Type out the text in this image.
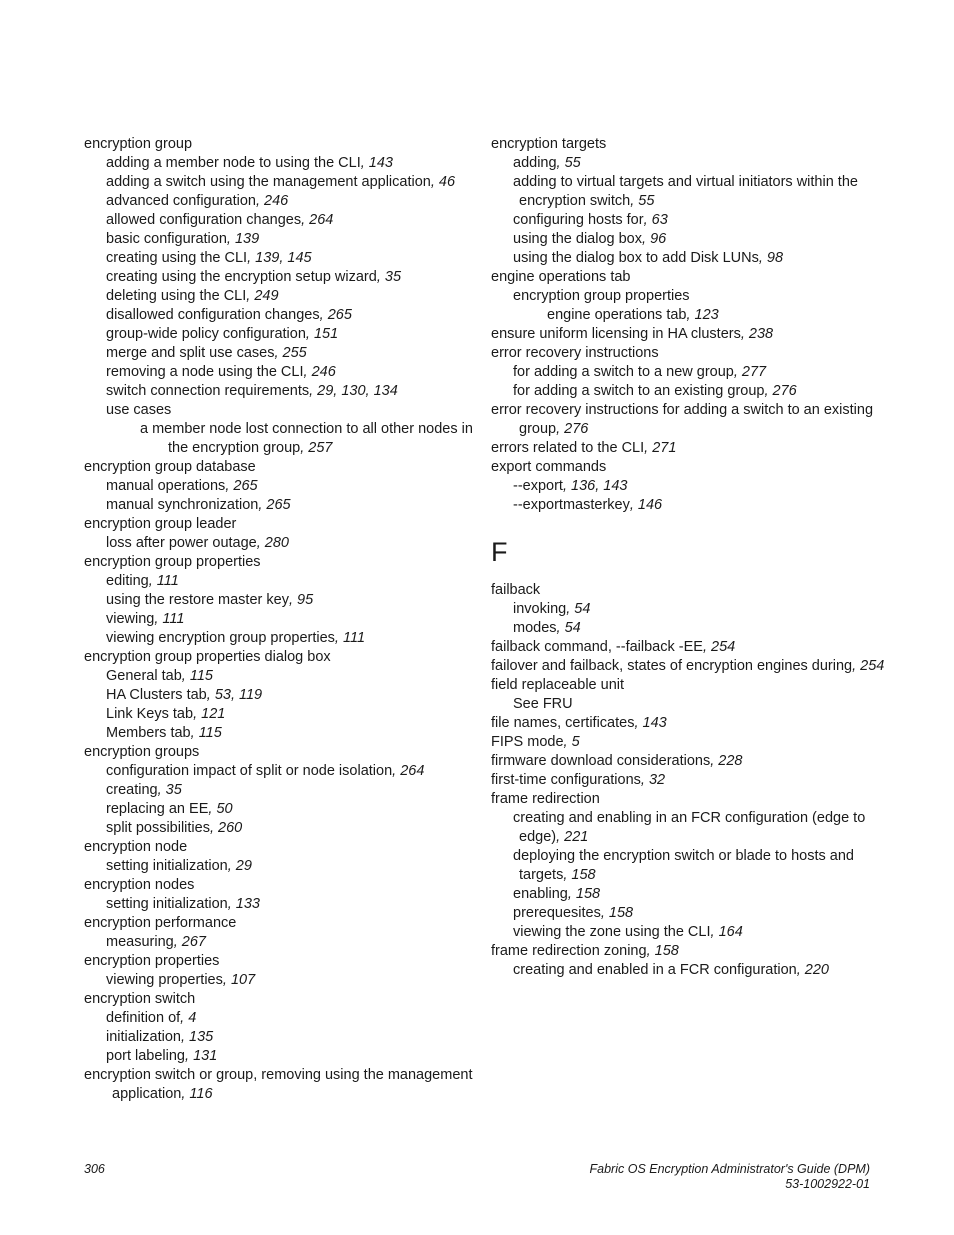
encryption group
adding a member node to using the CLI, 143
adding a switch using the management application, 46
advanced configuration, 246
allowed configuration changes, 264
basic configuration, 139
creating using the CLI, 139, 145
creating using the encryption setup wizard, 35
deleting using the CLI, 249
disallowed configuration changes, 265
group-wide policy configuration, 151
merge and split use cases, 255
removing a node using the CLI, 246
switch connection requirements, 29, 130, 134
use cases
a member node lost connection to all other nodes in the encryption group, 257
encryption group database
manual operations, 265
manual synchronization, 265
encryption group leader
loss after power outage, 280
encryption group properties
editing, 111
using the restore master key, 95
viewing, 111
viewing encryption group properties, 111
encryption group properties dialog box
General tab, 115
HA Clusters tab, 53, 119
Link Keys tab, 121
Members tab, 115
encryption groups
configuration impact of split or node isolation, 264
creating, 35
replacing an EE, 50
split possibilities, 260
encryption node
setting initialization, 29
encryption nodes
setting initialization, 133
encryption performance
measuring, 267
encryption properties
viewing properties, 107
encryption switch
definition of, 4
initialization, 135
port labeling, 131
encryption switch or group, removing using the management application, 116
encryption targets
adding, 55
adding to virtual targets and virtual initiators within the encryption switch, 55
configuring hosts for, 63
using the dialog box, 96
using the dialog box to add Disk LUNs, 98
engine operations tab
encryption group properties
engine operations tab, 123
ensure uniform licensing in HA clusters, 238
error recovery instructions
for adding a switch to a new group, 277
for adding a switch to an existing group, 276
error recovery instructions for adding a switch to an existing group, 276
errors related to the CLI, 271
export commands
--export, 136, 143
--exportmasterkey, 146
F
failback
invoking, 54
modes, 54
failback command, --failback -EE, 254
failover and failback, states of encryption engines during, 254
field replaceable unit
See FRU
file names, certificates, 143
FIPS mode, 5
firmware download considerations, 228
first-time configurations, 32
frame redirection
creating and enabling in an FCR configuration (edge to edge), 221
deploying the encryption switch or blade to hosts and targets, 158
enabling, 158
prerequesites, 158
viewing the zone using the CLI, 164
frame redirection zoning, 158
creating and enabled in a FCR configuration, 220
306	Fabric OS Encryption Administrator's Guide (DPM)
53-1002922-01
